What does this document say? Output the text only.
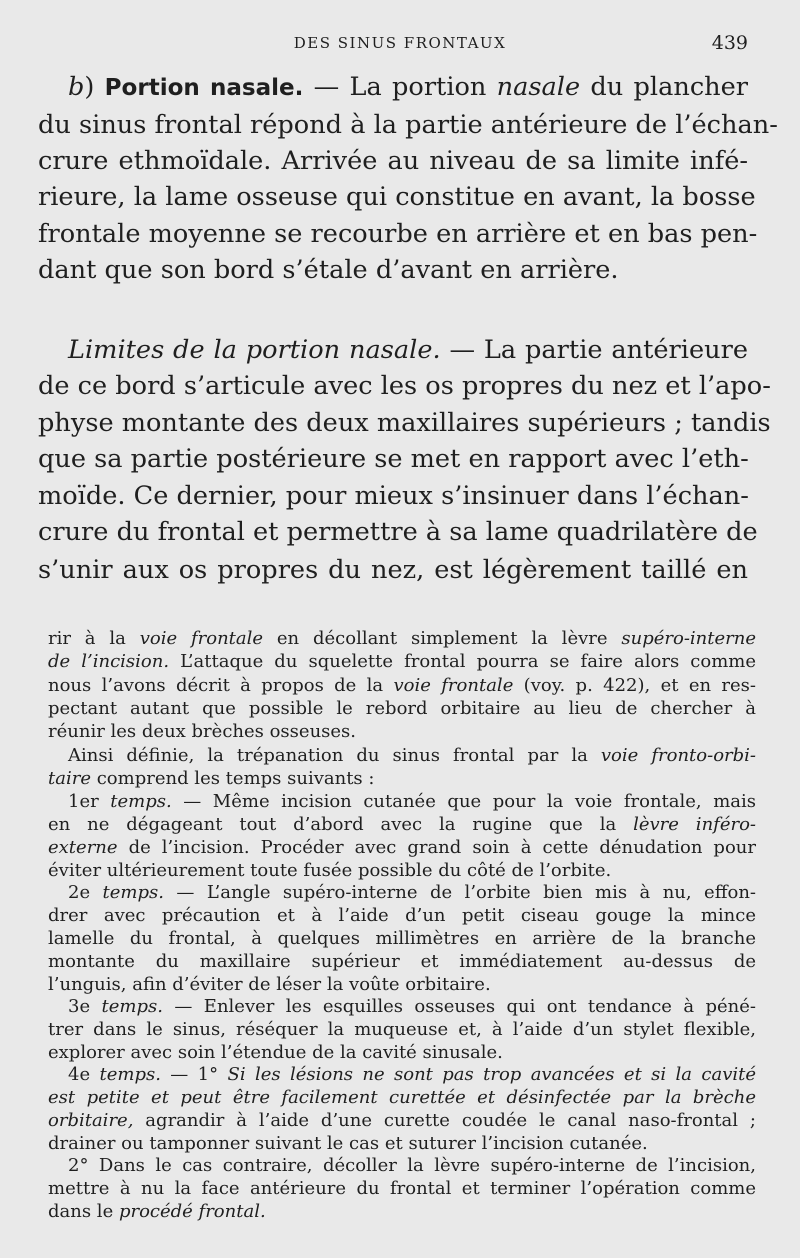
DES SINUS FRONTAUX	439
b) Portion nasale. — La portion nasale du plancher
du sinus frontal répond à la partie antérieure de l’échan-
crure ethmoïdale. Arrivée au niveau de sa limite infé-
rieure, la lame osseuse qui constitue en avant, la bosse
frontale moyenne se recourbe en arrière et en bas pen-
dant que son bord s’étale d’avant en arrière.
Limites de la portion nasale. — La partie antérieure
de ce bord s’articule avec les os propres du nez et l’apo-
physe montante des deux maxillaires supérieurs ; tandis
que sa partie postérieure se met en rapport avec l’eth-
moïde. Ce dernier, pour mieux s’insinuer dans l’échan-
crure du frontal et permettre à sa lame quadrilatère de
s’unir aux os propres du nez, est légèrement taillé en
rir à la voie frontale en décollant simplement la lèvre supéro-interne
de l’incision. L’attaque du squelette frontal pourra se faire alors comme
nous l’avons décrit à propos de la voie frontale (voy. p. 422), et en res-
pectant autant que possible le rebord orbitaire au lieu de chercher à
réunir les deux brèches osseuses.
Ainsi définie, la trépanation du sinus frontal par la voie fronto-orbi-
taire comprend les temps suivants :
1er temps. — Même incision cutanée que pour la voie frontale, mais
en ne dégageant tout d’abord avec la rugine que la lèvre inféro-
externe de l’incision. Procéder avec grand soin à cette dénudation pour
éviter ultérieurement toute fusée possible du côté de l’orbite.
2e temps. — L’angle supéro-interne de l’orbite bien mis à nu, effon-
drer avec précaution et à l’aide d’un petit ciseau gouge la mince
lamelle du frontal, à quelques millimètres en arrière de la branche
montante du maxillaire supérieur et immédiatement au-dessus de
l’unguis, afin d’éviter de léser la voûte orbitaire.
3e temps. — Enlever les esquilles osseuses qui ont tendance à péné-
trer dans le sinus, réséquer la muqueuse et, à l’aide d’un stylet flexible,
explorer avec soin l’étendue de la cavité sinusale.
4e temps. — 1° Si les lésions ne sont pas trop avancées et si la cavité
est petite et peut être facilement curettée et désinfectée par la brèche
orbitaire, agrandir à l’aide d’une curette coudée le canal naso-frontal ;
drainer ou tamponner suivant le cas et suturer l’incision cutanée.
2° Dans le cas contraire, décoller la lèvre supéro-interne de l’incision,
mettre à nu la face antérieure du frontal et terminer l’opération comme
dans le procédé frontal.
